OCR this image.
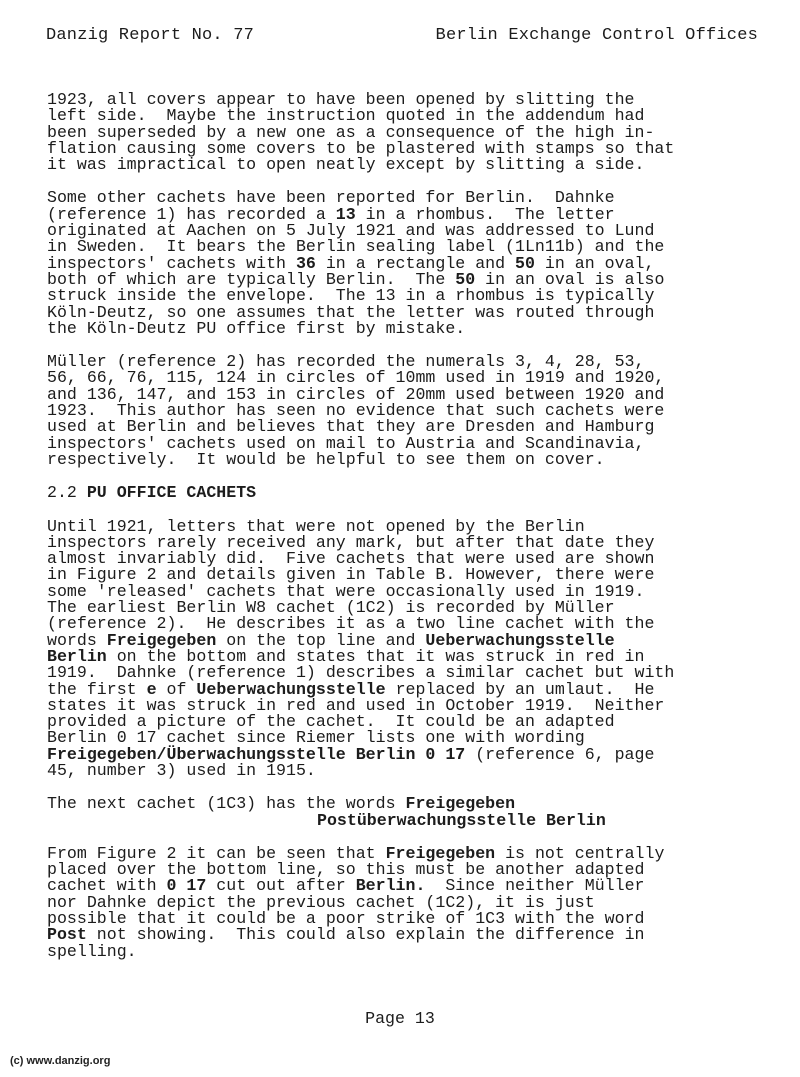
Danzig Report No. 77	Berlin Exchange Control Offices
1923, all covers appear to have been opened by slitting the
left side.  Maybe the instruction quoted in the addendum had
been superseded by a new one as a consequence of the high in-
flation causing some covers to be plastered with stamps so that
it was impractical to open neatly except by slitting a side.
Some other cachets have been reported for Berlin.  Dahnke
(reference 1) has recorded a 13 in a rhombus.  The letter
originated at Aachen on 5 July 1921 and was addressed to Lund
in Sweden.  It bears the Berlin sealing label (1Ln11b) and the
inspectors' cachets with 36 in a rectangle and 50 in an oval,
both of which are typically Berlin.  The 50 in an oval is also
struck inside the envelope.  The 13 in a rhombus is typically
Köln-Deutz, so one assumes that the letter was routed through
the Köln-Deutz PU office first by mistake.
Müller (reference 2) has recorded the numerals 3, 4, 28, 53,
56, 66, 76, 115, 124 in circles of 10mm used in 1919 and 1920,
and 136, 147, and 153 in circles of 20mm used between 1920 and
1923.  This author has seen no evidence that such cachets were
used at Berlin and believes that they are Dresden and Hamburg
inspectors' cachets used on mail to Austria and Scandinavia,
respectively.  It would be helpful to see them on cover.
2.2 PU OFFICE CACHETS
Until 1921, letters that were not opened by the Berlin
inspectors rarely received any mark, but after that date they
almost invariably did.  Five cachets that were used are shown
in Figure 2 and details given in Table B. However, there were
some 'released' cachets that were occasionally used in 1919.
The earliest Berlin W8 cachet (1C2) is recorded by Müller
(reference 2).  He describes it as a two line cachet with the
words Freigegeben on the top line and Ueberwachungsstelle
Berlin on the bottom and states that it was struck in red in
1919.  Dahnke (reference 1) describes a similar cachet but with
the first e of Ueberwachungsstelle replaced by an umlaut.  He
states it was struck in red and used in October 1919.  Neither
provided a picture of the cachet.  It could be an adapted
Berlin 0 17 cachet since Riemer lists one with wording
Freigegeben/Überwachungsstelle Berlin 0 17 (reference 6, page
45, number 3) used in 1915.
The next cachet (1C3) has the words Freigegeben
Postüberwachungsstelle Berlin
From Figure 2 it can be seen that Freigegeben is not centrally
placed over the bottom line, so this must be another adapted
cachet with 0 17 cut out after Berlin.  Since neither Müller
nor Dahnke depict the previous cachet (1C2), it is just
possible that it could be a poor strike of 1C3 with the word
Post not showing.  This could also explain the difference in
spelling.
Page 13
(c) www.danzig.org
